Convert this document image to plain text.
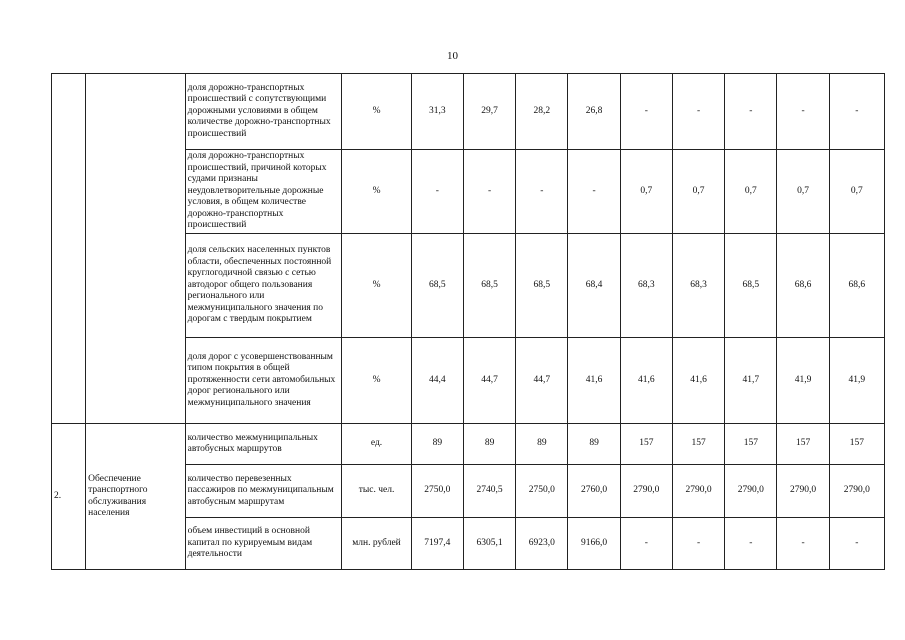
10
		доля дорожно-транспортных происшествий с сопутствующими дорожными условиями в общем количестве дорожно-транспортных происшествий	%	31,3	29,7	28,2	26,8	-	-	-	-	-
		доля дорожно-транспортных происшествий, причиной которых судами признаны неудовлетворительные дорожные условия, в общем количестве дорожно-транспортных происшествий	%	-	-	-	-	0,7	0,7	0,7	0,7	0,7
		доля сельских населенных пунктов области, обеспеченных постоянной круглогодичной связью с сетью автодорог общего пользования регионального или межмуниципального значения по дорогам с твердым покрытием	%	68,5	68,5	68,5	68,4	68,3	68,3	68,5	68,6	68,6
		доля дорог с усовершенствованным типом покрытия в общей протяженности сети автомобильных дорог регионального или межмуниципального значения	%	44,4	44,7	44,7	41,6	41,6	41,6	41,7	41,9	41,9
2.	Обеспечение транспортного обслуживания населения	количество межмуниципальных автобусных маршрутов	ед.	89	89	89	89	157	157	157	157	157
		количество перевезенных пассажиров по межмуниципальным автобусным маршрутам	тыс. чел.	2750,0	2740,5	2750,0	2760,0	2790,0	2790,0	2790,0	2790,0	2790,0
		объем инвестиций в основной капитал по курируемым видам деятельности	млн. рублей	7197,4	6305,1	6923,0	9166,0	-	-	-	-	-
